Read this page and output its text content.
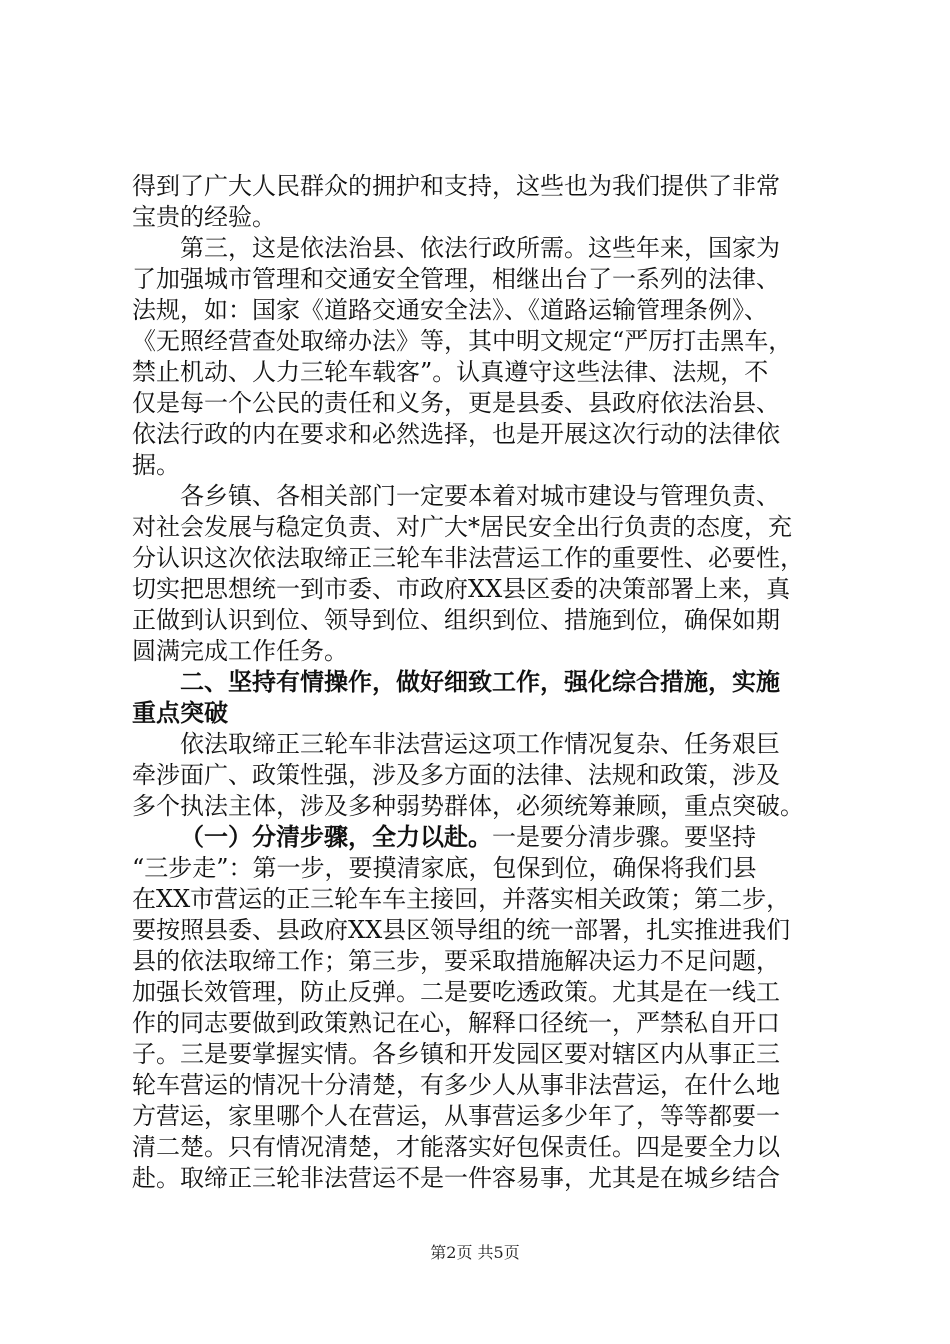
得到了广大人民群众的拥护和支持，这些也为我们提供了非常
宝贵的经验。
第三，这是依法治县、依法行政所需。这些年来，国家为
了加强城市管理和交通安全管理，相继出台了一系列的法律、
法规，如：国家《道路交通安全法》、《道路运输管理条例》、
《无照经营查处取缔办法》等，其中明文规定“严厉打击黑车，
禁止机动、人力三轮车载客”。认真遵守这些法律、法规，不
仅是每一个公民的责任和义务，更是县委、县政府依法治县、
依法行政的内在要求和必然选择，也是开展这次行动的法律依
据。
各乡镇、各相关部门一定要本着对城市建设与管理负责、
对社会发展与稳定负责、对广大*居民安全出行负责的态度，充
分认识这次依法取缔正三轮车非法营运工作的重要性、必要性，
切实把思想统一到市委、市政府XX县区委的决策部署上来，真
正做到认识到位、领导到位、组织到位、措施到位，确保如期
圆满完成工作任务。
二、坚持有情操作，做好细致工作，强化综合措施，实施
重点突破
依法取缔正三轮车非法营运这项工作情况复杂、任务艰巨
牵涉面广、政策性强，涉及多方面的法律、法规和政策，涉及
多个执法主体，涉及多种弱势群体，必须统筹兼顾，重点突破。
（一）分清步骤，全力以赴。一是要分清步骤。要坚持
“三步走”：第一步，要摸清家底，包保到位，确保将我们县
在XX市营运的正三轮车车主接回，并落实相关政策；第二步，
要按照县委、县政府XX县区领导组的统一部署，扎实推进我们
县的依法取缔工作；第三步，要采取措施解决运力不足问题，
加强长效管理，防止反弹。二是要吃透政策。尤其是在一线工
作的同志要做到政策熟记在心，解释口径统一，严禁私自开口
子。三是要掌握实情。各乡镇和开发园区要对辖区内从事正三
轮车营运的情况十分清楚，有多少人从事非法营运，在什么地
方营运，家里哪个人在营运，从事营运多少年了，等等都要一
清二楚。只有情况清楚，才能落实好包保责任。四是要全力以
赴。取缔正三轮非法营运不是一件容易事，尤其是在城乡结合
第2页 共5页
